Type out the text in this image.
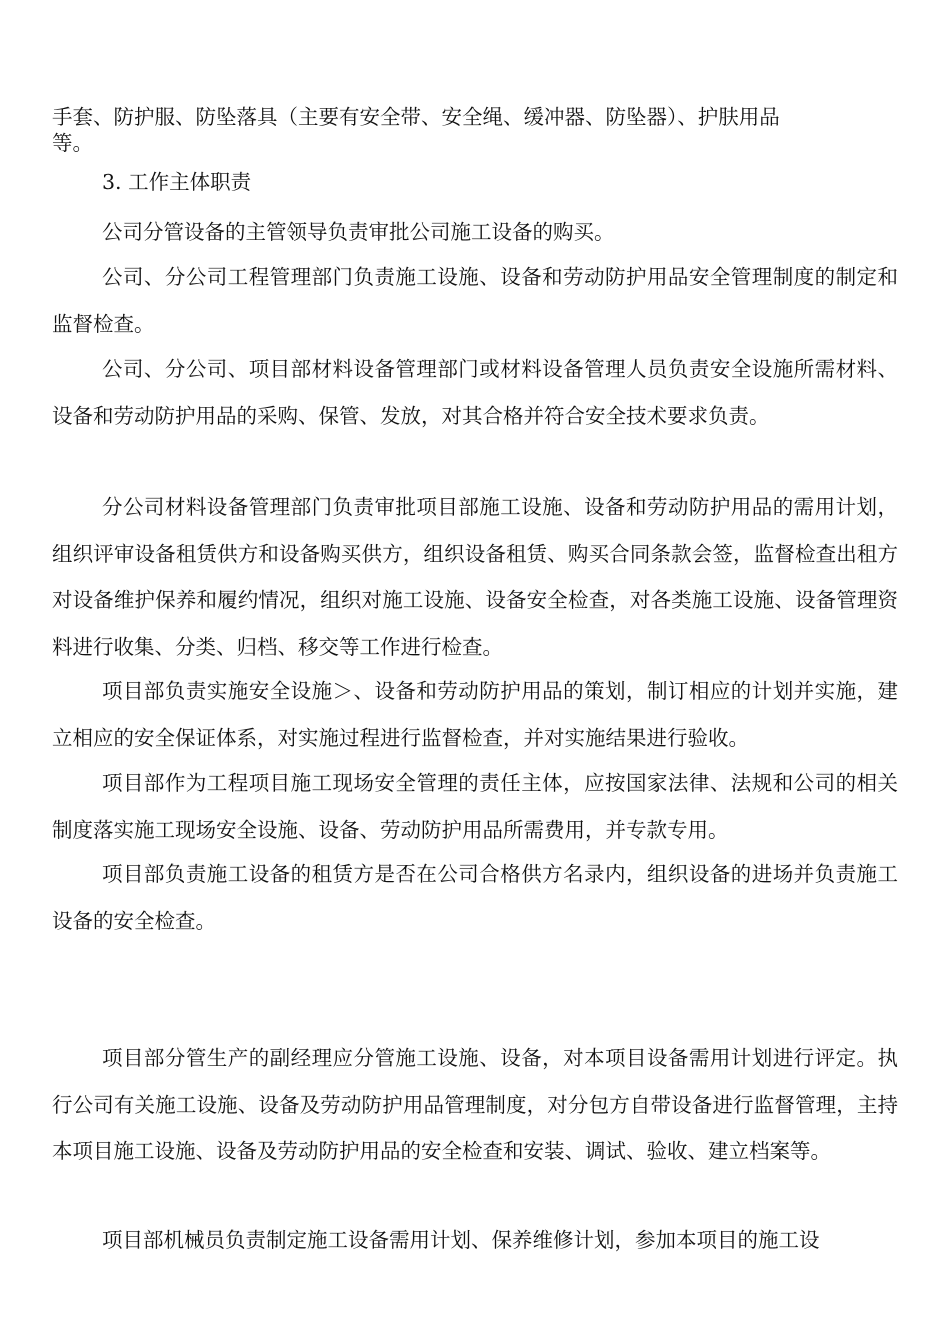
手套、防护服、防坠落具（主要有安全带、安全绳、缓冲器、防坠器）、护肤用品
等。
3. 工作主体职责

公司分管设备的主管领导负责审批公司施工设备的购买。

公司、分公司工程管理部门负责施工设施、设备和劳动防护用品安全管理制度的制定和监督检查。

公司、分公司、项目部材料设备管理部门或材料设备管理人员负责安全设施所需材料、设备和劳动防护用品的采购、保管、发放，对其合格并符合安全技术要求负责。

分公司材料设备管理部门负责审批项目部施工设施、设备和劳动防护用品的需用计划，组织评审设备租赁供方和设备购买供方，组织设备租赁、购买合同条款会签，监督检查出租方对设备维护保养和履约情况，组织对施工设施、设备安全检查，对各类施工设施、设备管理资料进行收集、分类、归档、移交等工作进行检查。

项目部负责实施安全设施＞、设备和劳动防护用品的策划，制订相应的计划并实施，建立相应的安全保证体系，对实施过程进行监督检查，并对实施结果进行验收。

项目部作为工程项目施工现场安全管理的责任主体，应按国家法律、法规和公司的相关制度落实施工现场安全设施、设备、劳动防护用品所需费用，并专款专用。

项目部负责施工设备的租赁方是否在公司合格供方名录内，组织设备的进场并负责施工设备的安全检查。

项目部分管生产的副经理应分管施工设施、设备，对本项目设备需用计划进行评定。执行公司有关施工设施、设备及劳动防护用品管理制度，对分包方自带设备进行监督管理，主持本项目施工设施、设备及劳动防护用品的安全检查和安装、调试、验收、建立档案等。

项目部机械员负责制定施工设备需用计划、保养维修计划，参加本项目的施工设
